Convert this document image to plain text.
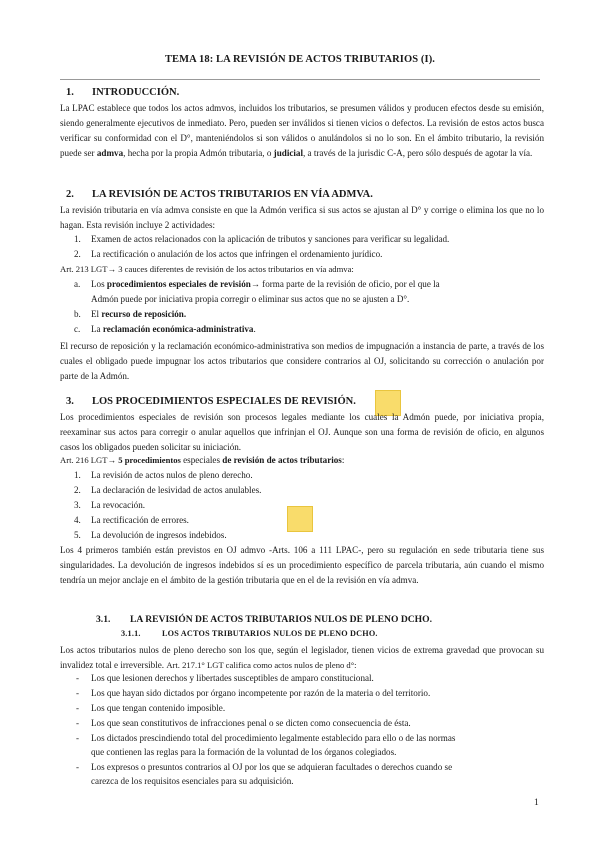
TEMA 18: LA REVISIÓN DE ACTOS TRIBUTARIOS (I).
1. INTRODUCCIÓN.
La LPAC establece que todos los actos admvos, incluidos los tributarios, se presumen válidos y producen efectos desde su emisión, siendo generalmente ejecutivos de inmediato. Pero, pueden ser inválidos si tienen vicios o defectos. La revisión de estos actos busca verificar su conformidad con el D°, manteniéndolos si son válidos o anulándolos si no lo son. En el ámbito tributario, la revisión puede ser admva, hecha por la propia Admón tributaria, o judicial, a través de la jurisdic C-A, pero sólo después de agotar la vía.
2. LA REVISIÓN DE ACTOS TRIBUTARIOS EN VÍA ADMVA.
La revisión tributaria en vía admva consiste en que la Admón verifica si sus actos se ajustan al D° y corrige o elimina los que no lo hagan. Esta revisión incluye 2 actividades:
1.	Examen de actos relacionados con la aplicación de tributos y sanciones para verificar su legalidad.
2.	La rectificación o anulación de los actos que infringen el ordenamiento jurídico.
Art. 213 LGT→ 3 cauces diferentes de revisión de los actos tributarios en vía admva:
a.	Los procedimientos especiales de revisión→ forma parte de la revisión de oficio, por el que la
Admón puede por iniciativa propia corregir o eliminar sus actos que no se ajusten a D°.
b.	El recurso de reposición.
c.	La reclamación económica-administrativa.
El recurso de reposición y la reclamación económico-administrativa son medios de impugnación a instancia de parte, a través de los cuales el obligado puede impugnar los actos tributarios que considere contrarios al OJ, solicitando su corrección o anulación por parte de la Admón.
3. LOS PROCEDIMIENTOS ESPECIALES DE REVISIÓN.
Los procedimientos especiales de revisión son procesos legales mediante los cuales la Admón puede, por iniciativa propia, reexaminar sus actos para corregir o anular aquellos que infrinjan el OJ. Aunque son una forma de revisión de oficio, en algunos casos los obligados pueden solicitar su iniciación.
Art. 216 LGT→ 5 procedimientos especiales de revisión de actos tributarios:
1.	La revisión de actos nulos de pleno derecho.
2.	La declaración de lesividad de actos anulables.
3.	La revocación.
4.	La rectificación de errores.
5.	La devolución de ingresos indebidos.
Los 4 primeros también están previstos en OJ admvo -Arts. 106 a 111 LPAC-, pero su regulación en sede tributaria tiene sus singularidades. La devolución de ingresos indebidos sí es un procedimiento específico de parcela tributaria, aún cuando el mismo tendría un mejor anclaje en el ámbito de la gestión tributaria que en el de la revisión en vía admva.
3.1. LA REVISIÓN DE ACTOS TRIBUTARIOS NULOS DE PLENO DCHO.
3.1.1.	LOS ACTOS TRIBUTARIOS NULOS DE PLENO DCHO.
Los actos tributarios nulos de pleno derecho son los que, según el legislador, tienen vicios de extrema gravedad que provocan su invalidez total e irreversible. Art. 217.1° LGT califica como actos nulos de pleno d°:
-	Los que lesionen derechos y libertades susceptibles de amparo constitucional.
-	Los que hayan sido dictados por órgano incompetente por razón de la materia o del territorio.
-	Los que tengan contenido imposible.
-	Los que sean constitutivos de infracciones penal o se dicten como consecuencia de ésta.
-	Los dictados prescindiendo total del procedimiento legalmente establecido para ello o de las normas
que contienen las reglas para la formación de la voluntad de los órganos colegiados.
-	Los expresos o presuntos contrarios al OJ por los que se adquieran facultades o derechos cuando se
carezca de los requisitos esenciales para su adquisición.
1
